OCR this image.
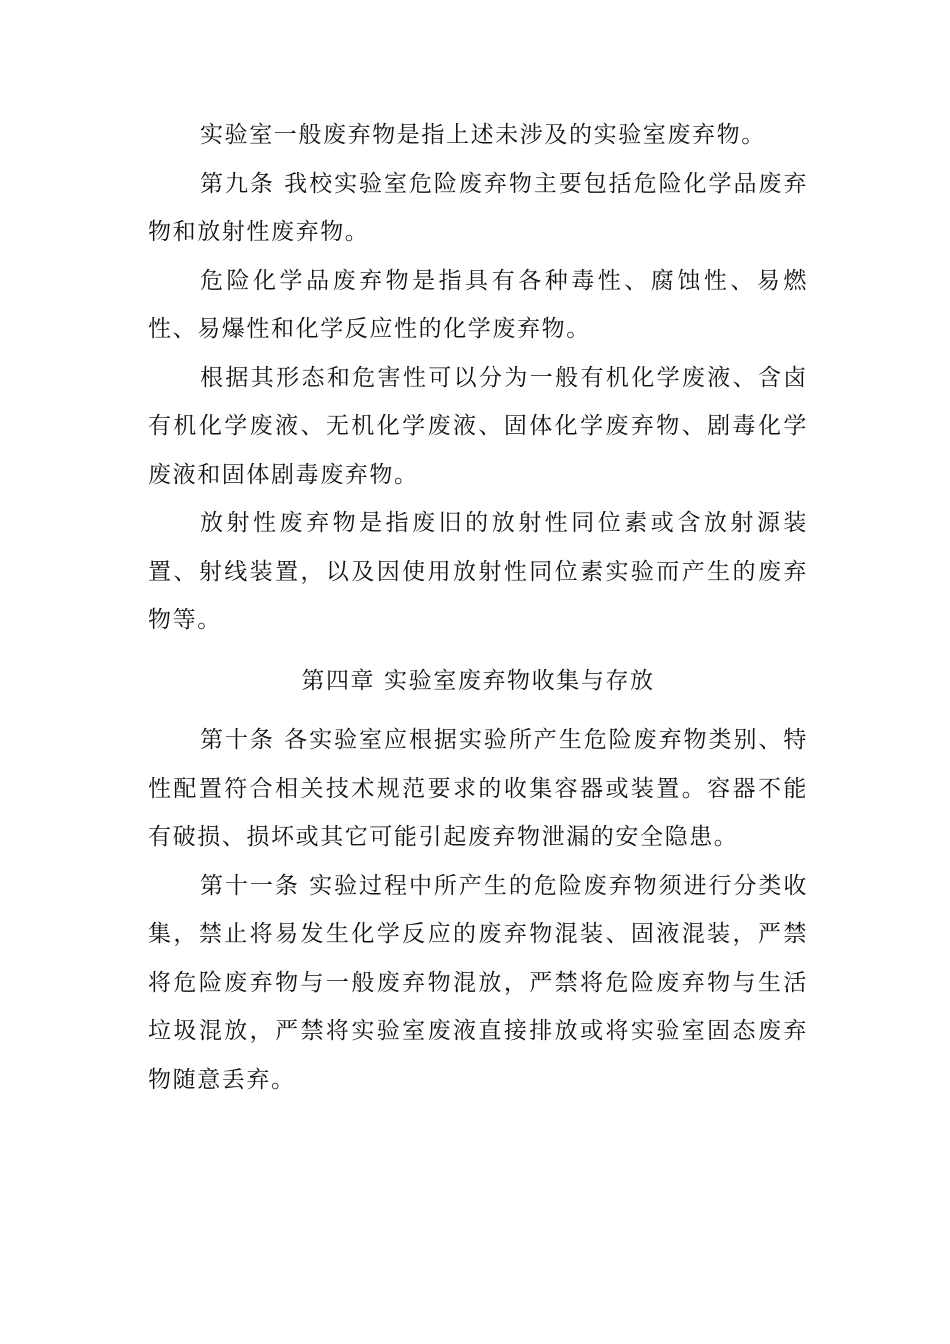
实验室一般废弃物是指上述未涉及的实验室废弃物。

第九条 我校实验室危险废弃物主要包括危险化学品废弃物和放射性废弃物。

危险化学品废弃物是指具有各种毒性、腐蚀性、易燃性、易爆性和化学反应性的化学废弃物。

根据其形态和危害性可以分为一般有机化学废液、含卤有机化学废液、无机化学废液、固体化学废弃物、剧毒化学废液和固体剧毒废弃物。

放射性废弃物是指废旧的放射性同位素或含放射源装置、射线装置，以及因使用放射性同位素实验而产生的废弃物等。

第四章 实验室废弃物收集与存放

第十条 各实验室应根据实验所产生危险废弃物类别、特性配置符合相关技术规范要求的收集容器或装置。容器不能有破损、损坏或其它可能引起废弃物泄漏的安全隐患。

第十一条 实验过程中所产生的危险废弃物须进行分类收集，禁止将易发生化学反应的废弃物混装、固液混装，严禁将危险废弃物与一般废弃物混放，严禁将危险废弃物与生活垃圾混放，严禁将实验室废液直接排放或将实验室固态废弃物随意丢弃。
